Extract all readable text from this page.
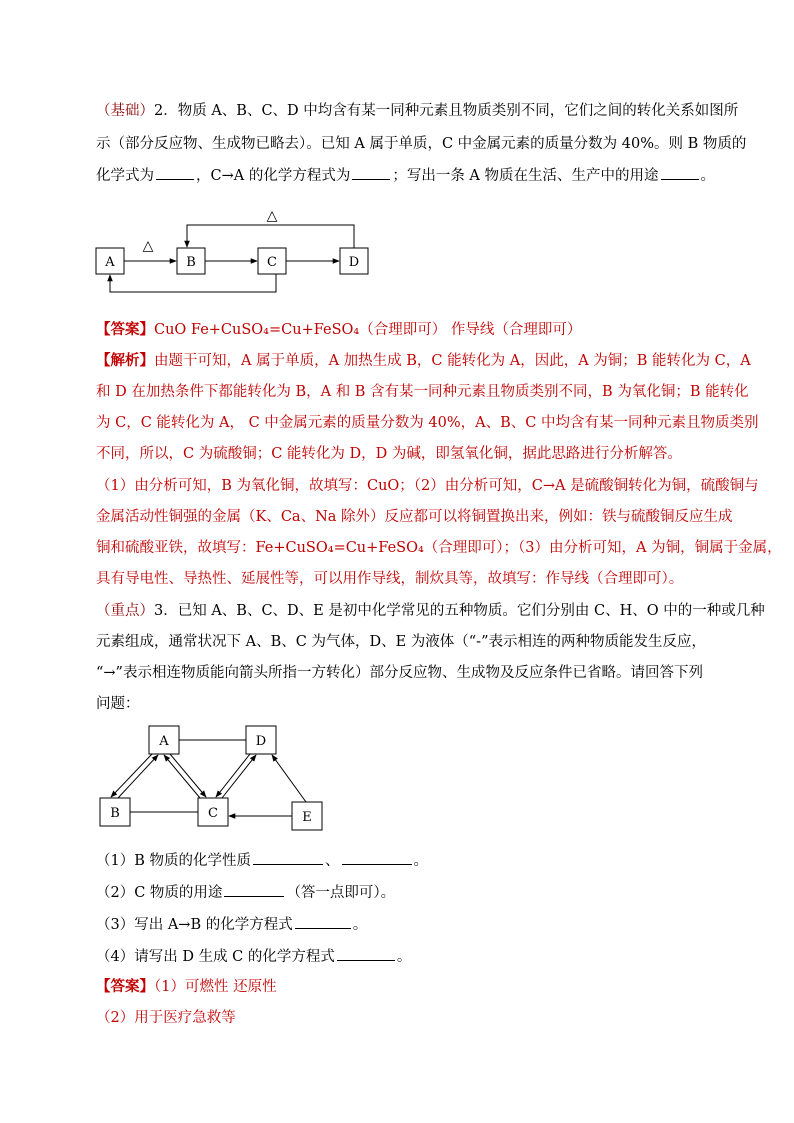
（基础）2．物质 A、B、C、D 中均含有某一同种元素且物质类别不同，它们之间的转化关系如图所
示（部分反应物、生成物已略去）。已知 A 属于单质，C 中金属元素的质量分数为 40%。则 B 物质的
化学式为	，C→A 的化学方程式为	；写出一条 A 物质在生活、生产中的用途	。
A	B	C	D
△
△
【答案】CuO Fe+CuSO₄=Cu+FeSO₄（合理即可） 作导线（合理即可）
【解析】由题干可知，A 属于单质，A 加热生成 B，C 能转化为 A，因此，A 为铜；B 能转化为 C，A
和 D 在加热条件下都能转化为 B，A 和 B 含有某一同种元素且物质类别不同，B 为氧化铜；B 能转化
为 C，C 能转化为 A， C 中金属元素的质量分数为 40%，A、B、C 中均含有某一同种元素且物质类别
不同，所以，C 为硫酸铜；C 能转化为 D，D 为碱，即氢氧化铜，据此思路进行分析解答。
（1）由分析可知，B 为氧化铜，故填写：CuO；（2）由分析可知，C→A 是硫酸铜转化为铜，硫酸铜与
金属活动性铜强的金属（K、Ca、Na 除外）反应都可以将铜置换出来，例如：铁与硫酸铜反应生成
铜和硫酸亚铁，故填写：Fe+CuSO₄=Cu+FeSO₄（合理即可）；（3）由分析可知，A 为铜，铜属于金属，
具有导电性、导热性、延展性等，可以用作导线，制炊具等，故填写：作导线（合理即可）。
（重点）3．已知 A、B、C、D、E 是初中化学常见的五种物质。它们分别由 C、H、O 中的一种或几种
元素组成，通常状况下 A、B、C 为气体，D、E 为液体（“-”表示相连的两种物质能发生反应，
“→”表示相连物质能向箭头所指一方转化）部分反应物、生成物及反应条件已省略。请回答下列
问题：
A	D
B	C	E
（1）B 物质的化学性质	、	。
（2）C 物质的用途	（答一点即可）。
（3）写出 A→B 的化学方程式	。
（4）请写出 D 生成 C 的化学方程式	。
【答案】（1）可燃性 还原性
（2）用于医疗急救等
